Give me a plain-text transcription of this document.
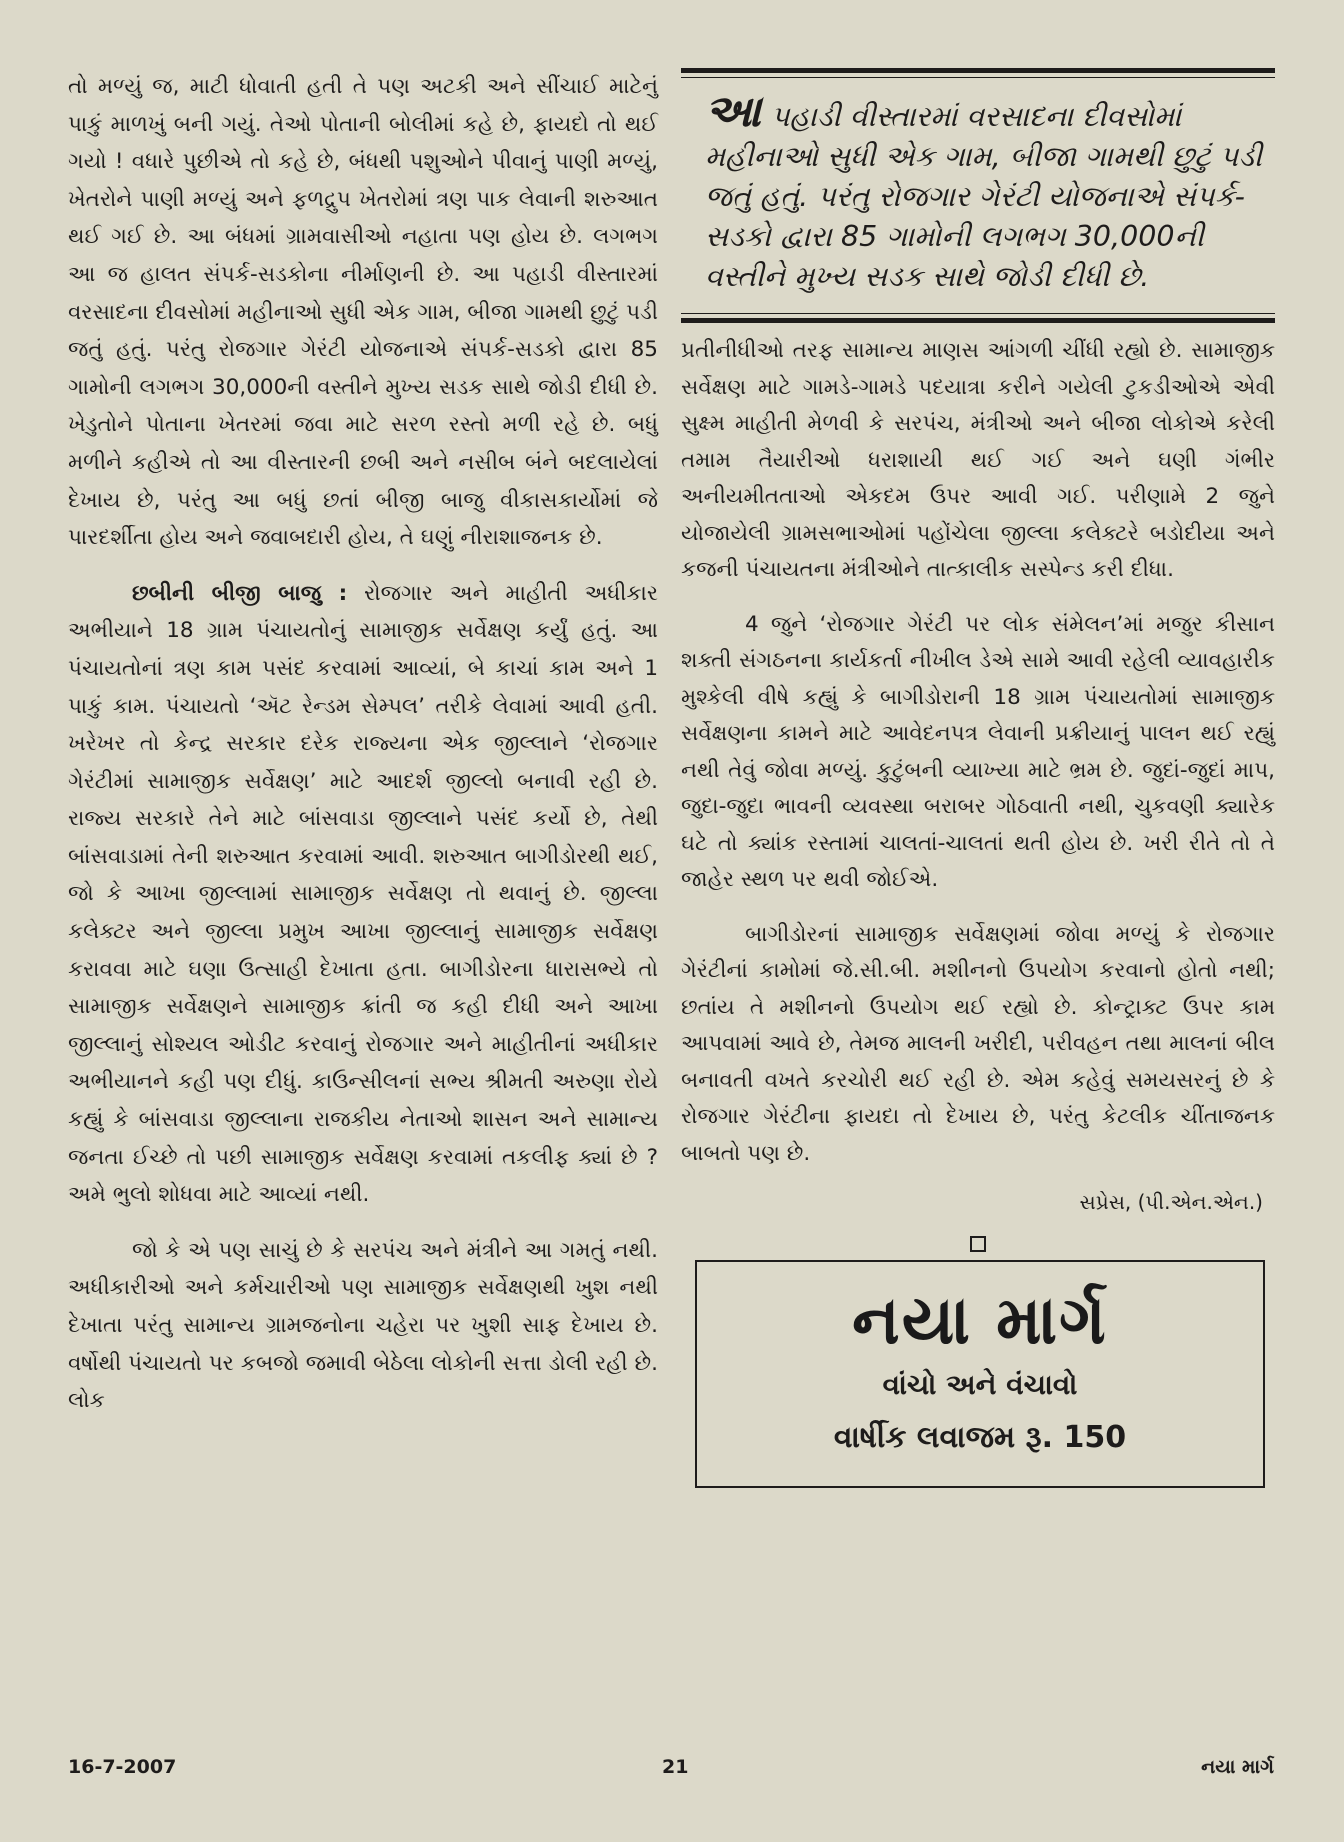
તો મળ્યું જ, માટી ધોવાતી હતી તે પણ અટકી અને સીંચાઈ માટેનું પાકું માળખું બની ગયું. તેઓ પોતાની બોલીમાં કહે છે, ફાયદો તો થઈ ગયો ! વધારે પુછીએ તો કહે છે, બંધથી પશુઓને પીવાનું પાણી મળ્યું, ખેતરોને પાણી મળ્યું અને ફળદ્રુપ ખેતરોમાં ત્રણ પાક લેવાની શરુઆત થઈ ગઈ છે. આ બંધમાં ગ્રામવાસીઓ નહાતા પણ હોય છે. લગભગ આ જ હાલત સંપર્ક-સડકોના નીર્માણની છે. આ પહાડી વીસ્તારમાં વરસાદના દીવસોમાં મહીનાઓ સુધી એક ગામ, બીજા ગામથી છુટું પડી જતું હતું. પરંતુ રોજગાર ગેરંટી યોજનાએ સંપર્ક-સડકો દ્વારા 85 ગામોની લગભગ 30,000ની વસ્તીને મુખ્ય સડક સાથે જોડી દીધી છે. ખેડુતોને પોતાના ખેતરમાં જવા માટે સરળ રસ્તો મળી રહે છે. બધું મળીને કહીએ તો આ વીસ્તારની છબી અને નસીબ બંને બદલાયેલાં દેખાય છે, પરંતુ આ બધું છતાં બીજી બાજુ વીકાસકાર્યોમાં જે પારદર્શીતા હોય અને જવાબદારી હોય, તે ઘણું નીરાશાજનક છે.

છબીની બીજી બાજુ : રોજગાર અને માહીતી અધીકાર અભીયાને 18 ગ્રામ પંચાયતોનું સામાજીક સર્વેક્ષણ કર્યું હતું. આ પંચાયતોનાં ત્રણ કામ પસંદ કરવામાં આવ્યાં, બે કાચાં કામ અને 1 પાકું કામ. પંચાયતો ‘ઍટ રેન્ડમ સેમ્પલ’ તરીકે લેવામાં આવી હતી. ખરેખર તો કેન્દ્ર સરકાર દરેક રાજ્યના એક જીલ્લાને ‘રોજગાર ગેરંટીમાં સામાજીક સર્વેક્ષણ’ માટે આદર્શ જીલ્લો બનાવી રહી છે. રાજ્ય સરકારે તેને માટે બાંસવાડા જીલ્લાને પસંદ કર્યો છે, તેથી બાંસવાડામાં તેની શરુઆત કરવામાં આવી. શરુઆત બાગીડોરથી થઈ, જો કે આખા જીલ્લામાં સામાજીક સર્વેક્ષણ તો થવાનું છે. જીલ્લા કલેક્ટર અને જીલ્લા પ્રમુખ આખા જીલ્લાનું સામાજીક સર્વેક્ષણ કરાવવા માટે ઘણા ઉત્સાહી દેખાતા હતા. બાગીડોરના ધારાસભ્યે તો સામાજીક સર્વેક્ષણને સામાજીક ક્રાંતી જ કહી દીધી અને આખા જીલ્લાનું સોશ્યલ ઓડીટ કરવાનું રોજગાર અને માહીતીનાં અધીકાર અભીયાનને કહી પણ દીધું. કાઉન્સીલનાં સભ્ય શ્રીમતી અરુણા રોયે કહ્યું કે બાંસવાડા જીલ્લાના રાજકીય નેતાઓ શાસન અને સામાન્ય જનતા ઈચ્છે તો પછી સામાજીક સર્વેક્ષણ કરવામાં તકલીફ ક્યાં છે ? અમે ભુલો શોધવા માટે આવ્યાં નથી.

જો કે એ પણ સાચું છે કે સરપંચ અને મંત્રીને આ ગમતું નથી. અધીકારીઓ અને કર્મચારીઓ પણ સામાજીક સર્વેક્ષણથી ખુશ નથી દેખાતા પરંતુ સામાન્ય ગ્રામજનોના ચહેરા પર ખુશી સાફ દેખાય છે. વર્ષોથી પંચાયતો પર કબજો જમાવી બેઠેલા લોકોની સત્તા ડોલી રહી છે. લોક

આપહાડી વીસ્તારમાં વરસાદના દીવસોમાં મહીનાઓ સુધી એક ગામ, બીજા ગામથી છુટું પડી જતું હતું. પરંતુ રોજગાર ગેરંટી યોજનાએ સંપર્ક-સડકો દ્વારા 85 ગામોની લગભગ 30,000ની વસ્તીને મુખ્ય સડક સાથે જોડી દીધી છે.

પ્રતીનીધીઓ તરફ સામાન્ય માણસ આંગળી ચીંધી રહ્યો છે. સામાજીક સર્વેક્ષણ માટે ગામડે-ગામડે પદયાત્રા કરીને ગયેલી ટુકડીઓએ એવી સુક્ષ્મ માહીતી મેળવી કે સરપંચ, મંત્રીઓ અને બીજા લોકોએ કરેલી તમામ તૈયારીઓ ધરાશાયી થઈ ગઈ અને ઘણી ગંભીર અનીયમીતતાઓ એકદમ ઉપર આવી ગઈ. પરીણામે 2 જુને યોજાયેલી ગ્રામસભાઓમાં પહોંચેલા જીલ્લા કલેક્ટરે બડોદીયા અને કજની પંચાયતના મંત્રીઓને તાત્કાલીક સસ્પેન્ડ કરી દીધા.

4 જુને ‘રોજગાર ગેરંટી પર લોક સંમેલન’માં મજુર કીસાન શક્તી સંગઠનના કાર્યકર્તા નીખીલ ડેએ સામે આવી રહેલી વ્યાવહારીક મુશ્કેલી વીષે કહ્યું કે બાગીડોરાની 18 ગ્રામ પંચાયતોમાં સામાજીક સર્વેક્ષણના કામને માટે આવેદનપત્ર લેવાની પ્રક્રીયાનું પાલન થઈ રહ્યું નથી તેવું જોવા મળ્યું. કુટુંબની વ્યાખ્યા માટે ભ્રમ છે. જુદાં-જુદાં માપ, જુદા-જુદા ભાવની વ્યવસ્થા બરાબર ગોઠવાતી નથી, ચુકવણી ક્યારેક ઘટે તો ક્યાંક રસ્તામાં ચાલતાં-ચાલતાં થતી હોય છે. ખરી રીતે તો તે જાહેર સ્થળ પર થવી જોઈએ.

બાગીડોરનાં સામાજીક સર્વેક્ષણમાં જોવા મળ્યું કે રોજગાર ગેરંટીનાં કામોમાં જે.સી.બી. મશીનનો ઉપયોગ કરવાનો હોતો નથી; છતાંય તે મશીનનો ઉપયોગ થઈ રહ્યો છે. કોન્ટ્રાક્ટ ઉપર કામ આપવામાં આવે છે, તેમજ માલની ખરીદી, પરીવહન તથા માલનાં બીલ બનાવતી વખતે કરચોરી થઈ રહી છે. એમ કહેવું સમયસરનું છે કે રોજગાર ગેરંટીના ફાયદા તો દેખાય છે, પરંતુ કેટલીક ચીંતાજનક બાબતો પણ છે.

સપ્રેસ, (પી.એન.એન.)
નયા માર્ગ
વાંચો અને વંચાવો
વાર્ષીક લવાજમ રૂ. 150
16-7-2007	21	નયા માર્ગ
